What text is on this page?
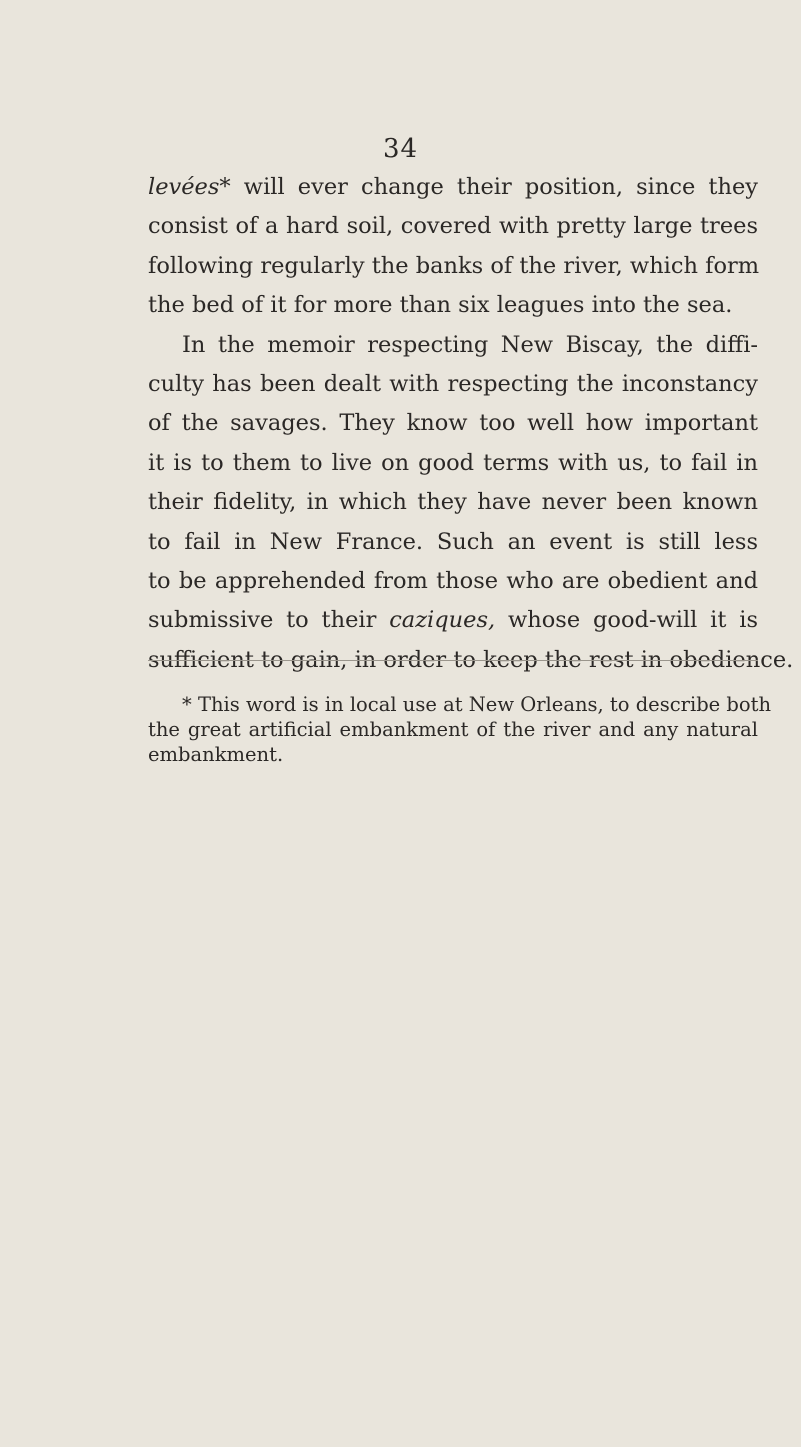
34
levées* will ever change their position, since they
consist of a hard soil, covered with pretty large trees
following regularly the banks of the river, which form
the bed of it for more than six leagues into the sea.
In the memoir respecting New Biscay, the diffi-
culty has been dealt with respecting the inconstancy
of the savages. They know too well how important
it is to them to live on good terms with us, to fail in
their fidelity, in which they have never been known
to fail in New France. Such an event is still less
to be apprehended from those who are obedient and
submissive to their caziques, whose good-will it is
sufficient to gain, in order to keep the rest in obedience.
* This word is in local use at New Orleans, to describe both
the great artificial embankment of the river and any natural
embankment.
